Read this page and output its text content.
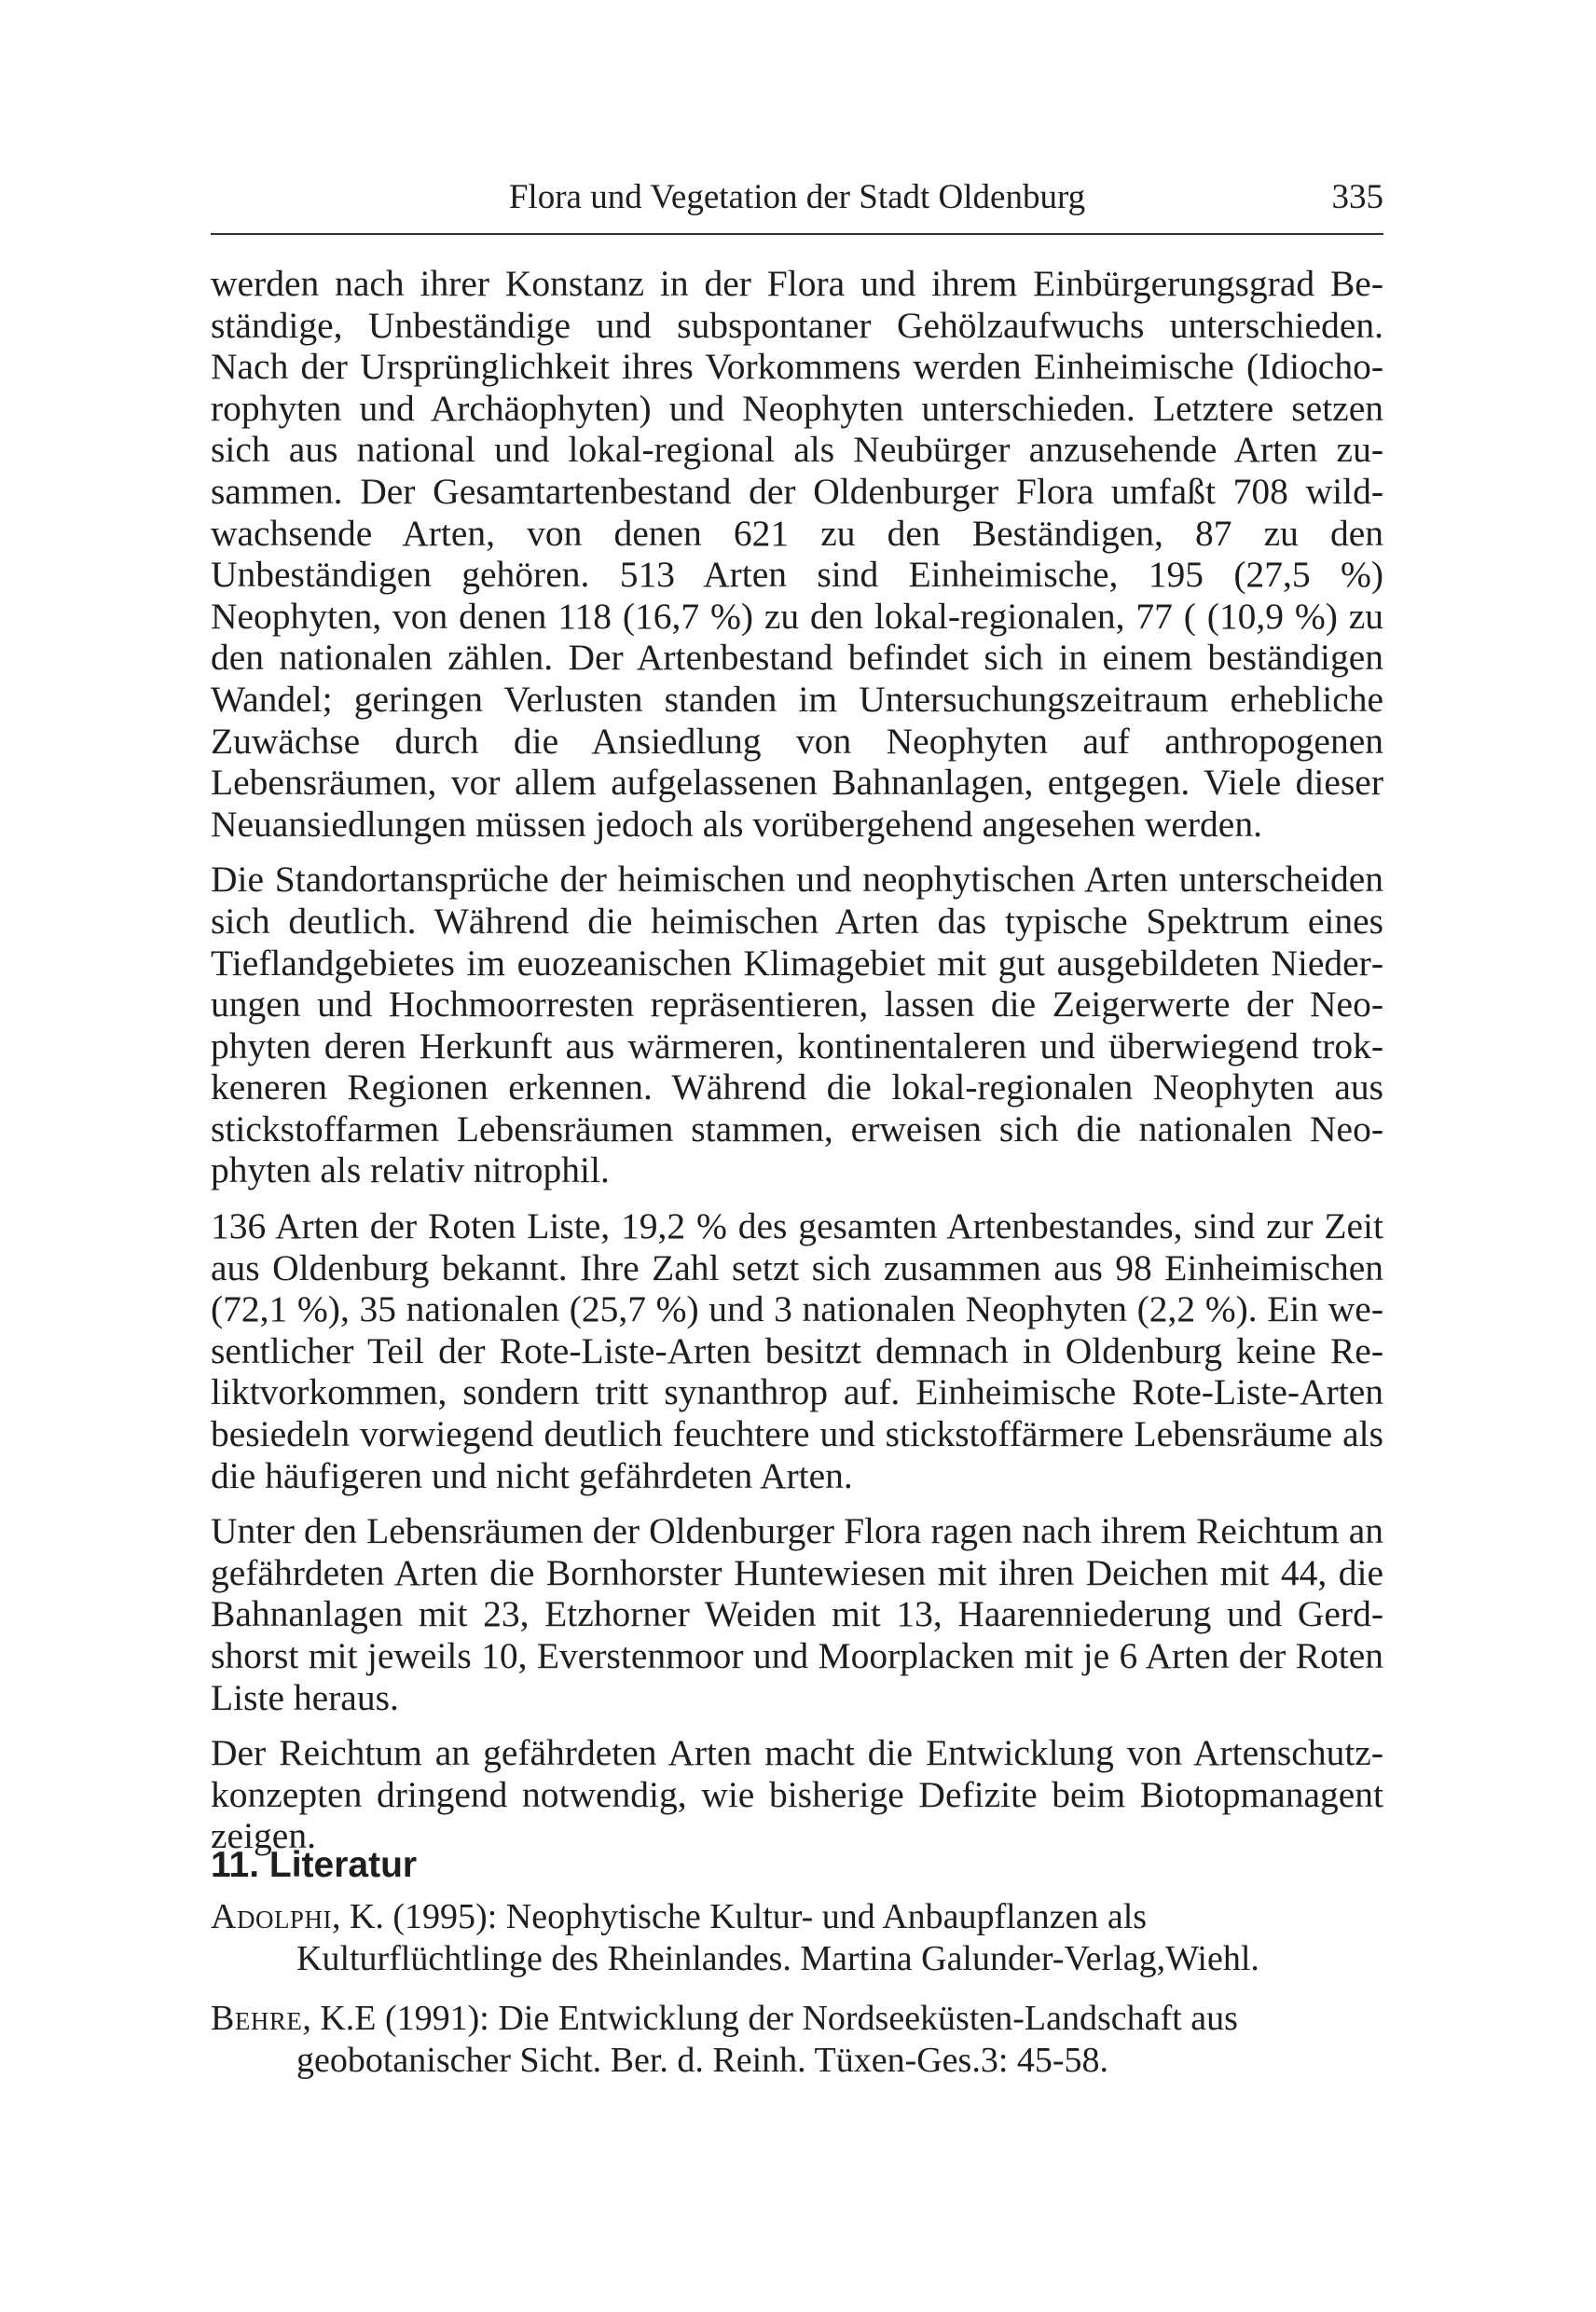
Flora und Vegetation der Stadt Oldenburg	335

werden nach ihrer Konstanz in der Flora und ihrem Einbürgerungsgrad Beständige, Unbeständige und subspontaner Gehölzaufwuchs unterschieden. Nach der Ursprünglichkeit ihres Vorkommens werden Einheimische (Idiochorophyten und Archäophyten) und Neophyten unterschieden. Letztere setzen sich aus national und lokal-regional als Neubürger anzusehende Arten zusammen. Der Gesamtartenbestand der Oldenburger Flora umfaßt 708 wildwachsende Arten, von denen 621 zu den Beständigen, 87 zu den Unbeständigen gehören. 513 Arten sind Einheimische, 195 (27,5 %) Neophyten, von denen 118 (16,7 %) zu den lokal-regionalen, 77 ( (10,9 %) zu den nationalen zählen. Der Artenbestand befindet sich in einem beständigen Wandel; geringen Verlusten standen im Untersuchungszeitraum erhebliche Zuwächse durch die Ansiedlung von Neophyten auf anthropogenen Lebensräumen, vor allem aufgelassenen Bahnanlagen, entgegen. Viele dieser Neuansiedlungen müssen jedoch als vorübergehend angesehen werden.

Die Standortansprüche der heimischen und neophytischen Arten unterscheiden sich deutlich. Während die heimischen Arten das typische Spektrum eines Tieflandgebietes im euozeanischen Klimagebiet mit gut ausgebildeten Niederungen und Hochmoorresten repräsentieren, lassen die Zeigerwerte der Neophyten deren Herkunft aus wärmeren, kontinentaleren und überwiegend trokkeneren Regionen erkennen. Während die lokal-regionalen Neophyten aus stickstoffarmen Lebensräumen stammen, erweisen sich die nationalen Neophyten als relativ nitrophil.

136 Arten der Roten Liste, 19,2 % des gesamten Artenbestandes, sind zur Zeit aus Oldenburg bekannt. Ihre Zahl setzt sich zusammen aus 98 Einheimischen (72,1 %), 35 nationalen (25,7 %) und 3 nationalen Neophyten (2,2 %). Ein wesentlicher Teil der Rote-Liste-Arten besitzt demnach in Oldenburg keine Reliktvorkommen, sondern tritt synanthrop auf. Einheimische Rote-Liste-Arten besiedeln vorwiegend deutlich feuchtere und stickstoffärmere Lebensräume als die häufigeren und nicht gefährdeten Arten.

Unter den Lebensräumen der Oldenburger Flora ragen nach ihrem Reichtum an gefährdeten Arten die Bornhorster Huntewiesen mit ihren Deichen mit 44, die Bahnanlagen mit 23, Etzhorner Weiden mit 13, Haarenniederung und Gerdshorst mit jeweils 10, Everstenmoor und Moorplacken mit je 6 Arten der Roten Liste heraus.

Der Reichtum an gefährdeten Arten macht die Entwicklung von Artenschutzkonzepten dringend notwendig, wie bisherige Defizite beim Biotopmanagent zeigen.

11. Literatur

Adolphi, K. (1995): Neophytische Kultur- und Anbaupflanzen als Kulturflüchtlinge des Rheinlandes. Martina Galunder-Verlag,Wiehl.

Behre, K.E (1991): Die Entwicklung der Nordseeküsten-Landschaft aus geobotanischer Sicht. Ber. d. Reinh. Tüxen-Ges.3: 45-58.
